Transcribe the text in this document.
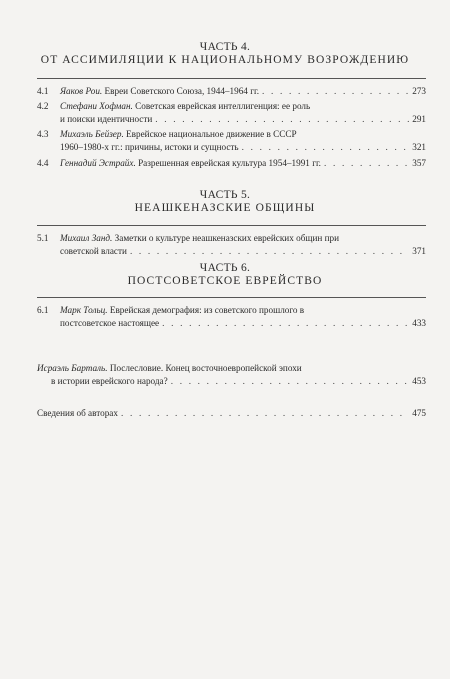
ЧАСТЬ 4.
ОТ АССИМИЛЯЦИИ К НАЦИОНАЛЬНОМУ ВОЗРОЖДЕНИЮ
4.1 Яаков Рои. Евреи Советского Союза, 1944–1964 гг. . . .	273
4.2 Стефани Хофман. Советская еврейская интеллигенция: ее роль
и поиски идентичности . . .	291
4.3 Михаэль Бейзер. Еврейское национальное движение в СССР
1960–1980-х гг.: причины, истоки и сущность . . .	321
4.4 Геннадий Эстрайх. Разрешенная еврейская культура 1954–1991 гг. . . .	357
ЧАСТЬ 5.
НЕАШКЕНАЗСКИЕ ОБЩИНЫ
5.1 Михаил Занд. Заметки о культуре неашкеназских еврейских общин при
советской власти . . .	371
ЧАСТЬ 6.
ПОСТСОВЕТСКОЕ ЕВРЕЙСТВО
6.1 Марк Тольц. Еврейская демография: из советского прошлого в
постсоветское настоящее . . .	433
Исраэль Барталь. Послесловие. Конец восточноевропейской эпохи
в истории еврейского народа? . . .	453
Сведения об авторах . . .	475
